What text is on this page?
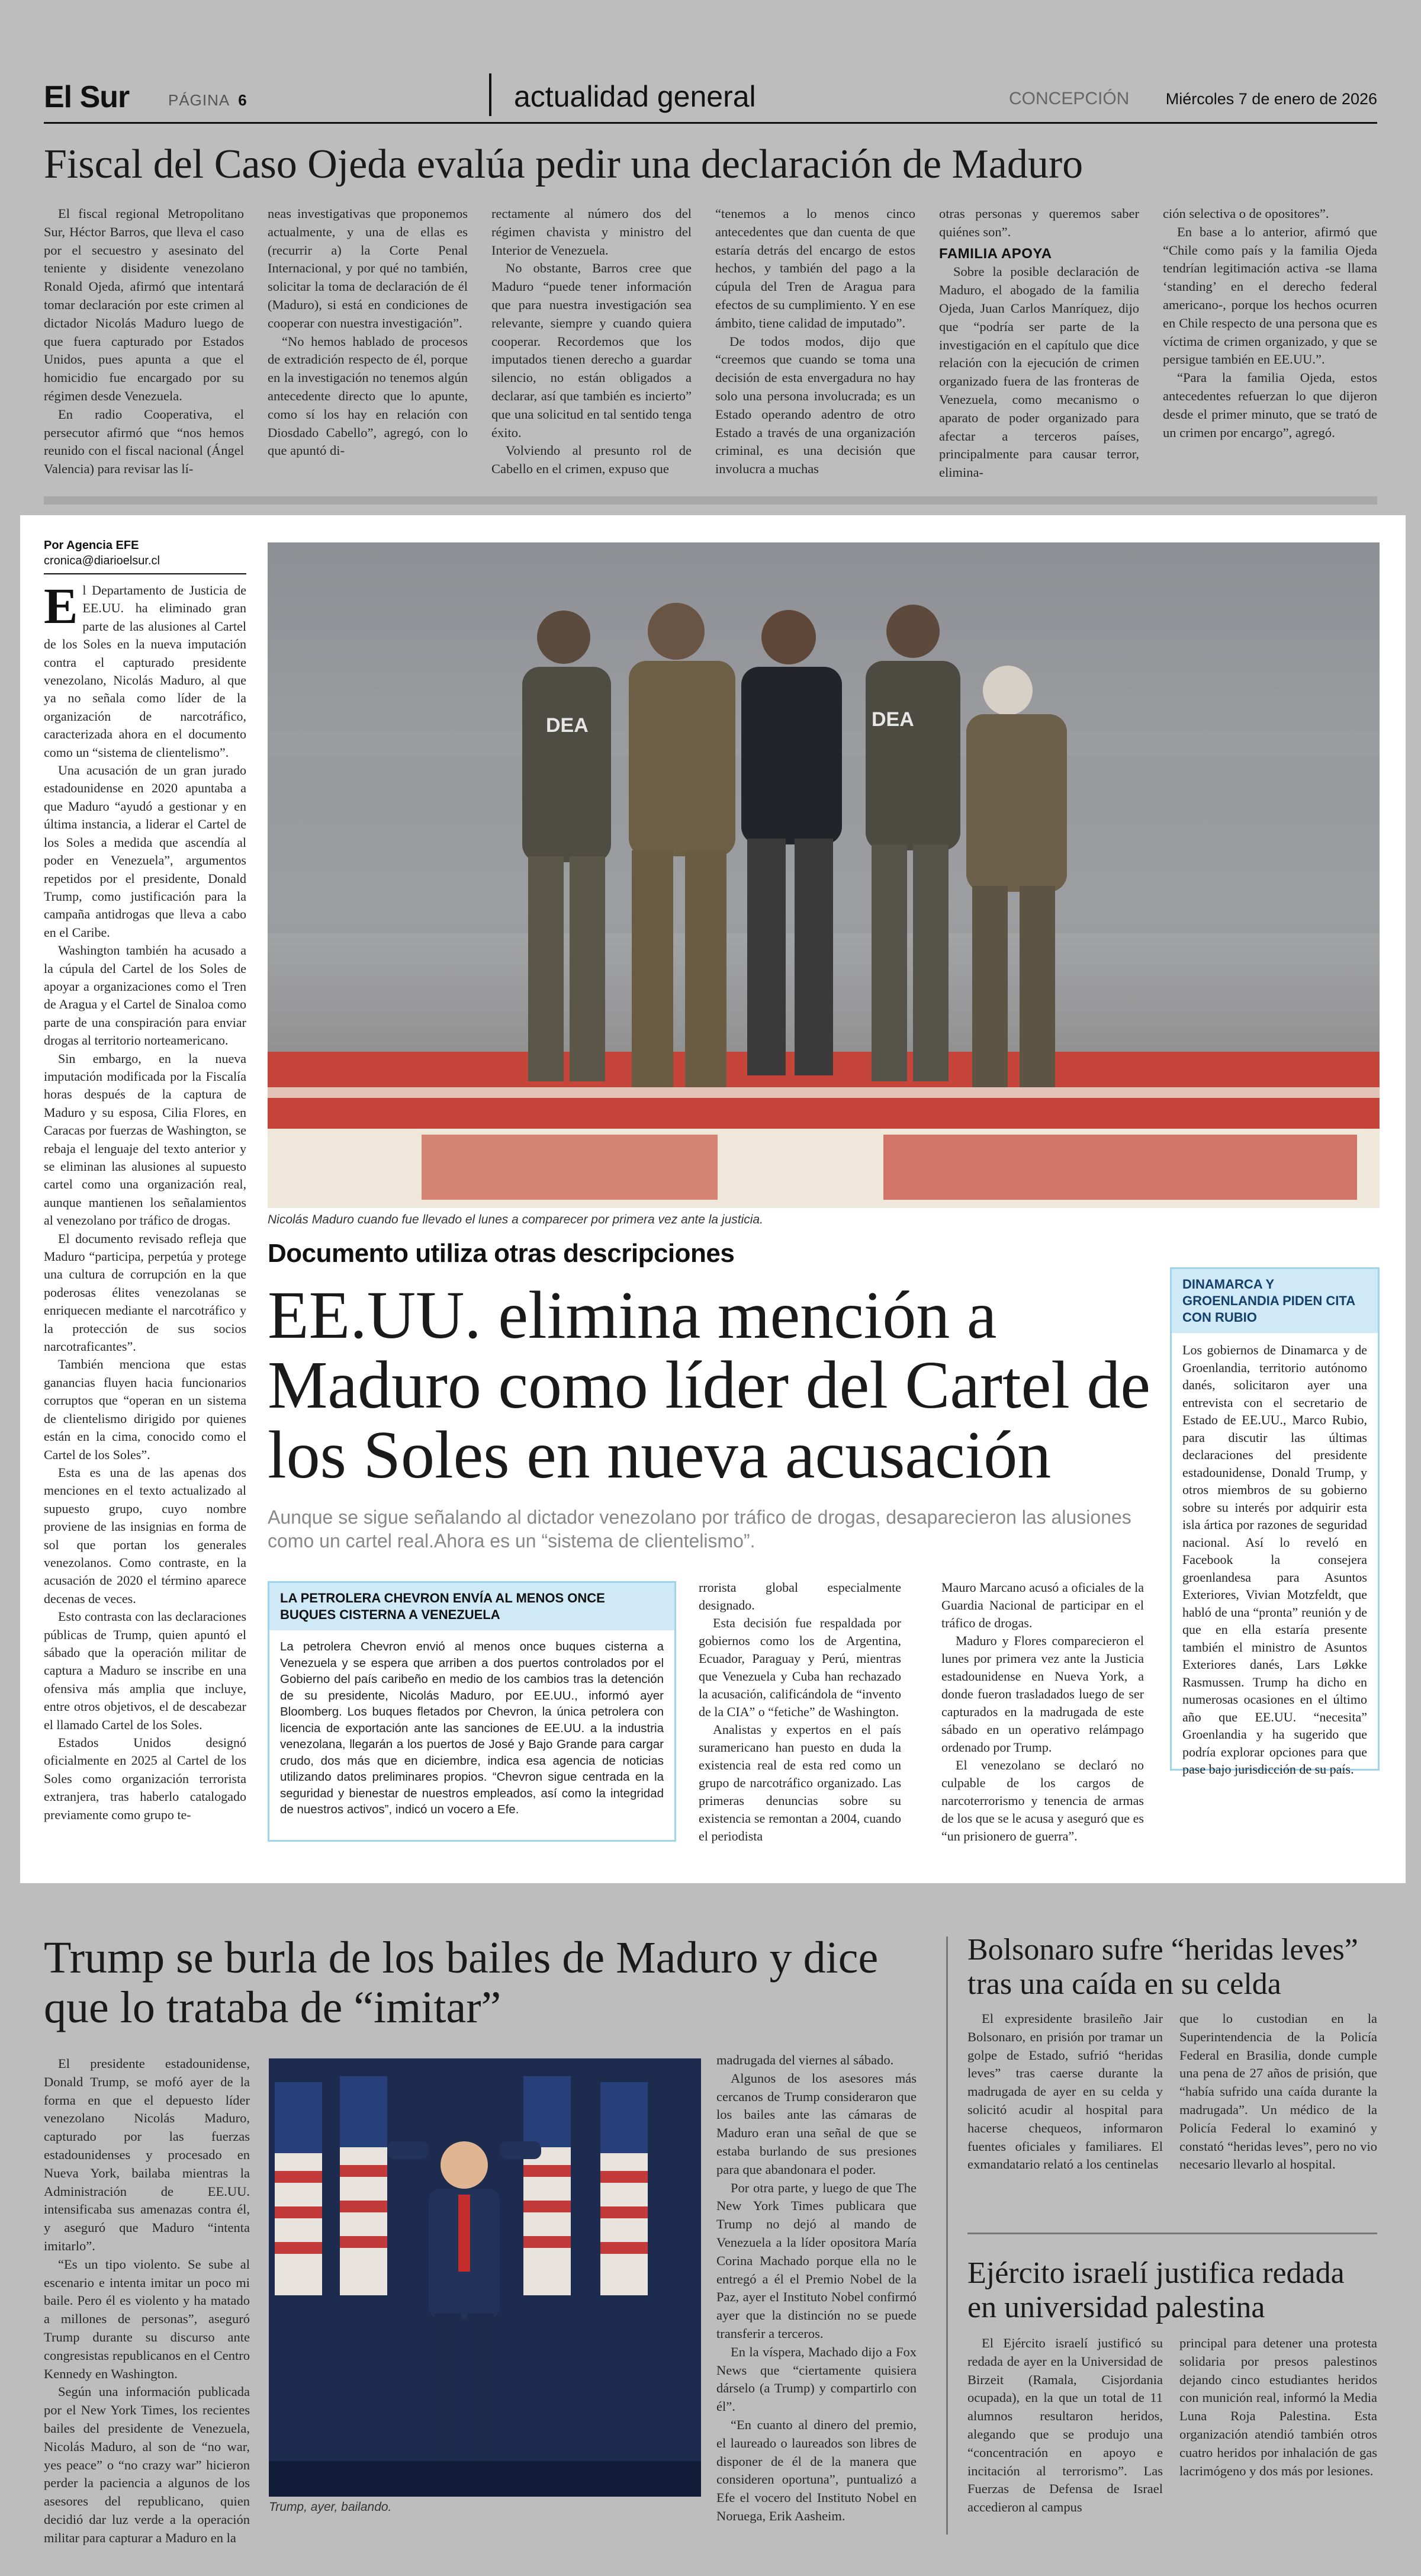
El Sur	PÁGINA 6	actualidad general	CONCEPCIÓN Miércoles 7 de enero de 2026
Fiscal del Caso Ojeda evalúa pedir una declaración de Maduro

El fiscal regional Metropolitano Sur, Héctor Barros, que lleva el caso por el secuestro y asesinato del teniente y disidente venezolano Ronald Ojeda, afirmó que intentará tomar declaración por este crimen al dictador Nicolás Maduro luego de que fuera capturado por Estados Unidos, pues apunta a que el homicidio fue encargado por su régimen desde Venezuela.

En radio Cooperativa, el persecutor afirmó que “nos hemos reunido con el fiscal nacional (Ángel Valencia) para revisar las lí-

neas investigativas que proponemos actualmente, y una de ellas es (recurrir a) la Corte Penal Internacional, y por qué no también, solicitar la toma de declaración de él (Maduro), si está en condiciones de cooperar con nuestra investigación”.

“No hemos hablado de procesos de extradición respecto de él, porque en la investigación no tenemos algún antecedente directo que lo apunte, como sí los hay en relación con Diosdado Cabello”, agregó, con lo que apuntó di-

rectamente al número dos del régimen chavista y ministro del Interior de Venezuela.

No obstante, Barros cree que Maduro “puede tener información que para nuestra investigación sea relevante, siempre y cuando quiera cooperar. Recordemos que los imputados tienen derecho a guardar silencio, no están obligados a declarar, así que también es incierto” que una solicitud en tal sentido tenga éxito.

Volviendo al presunto rol de Cabello en el crimen, expuso que

“tenemos a lo menos cinco antecedentes que dan cuenta de que estaría detrás del encargo de estos hechos, y también del pago a la cúpula del Tren de Aragua para efectos de su cumplimiento. Y en ese ámbito, tiene calidad de imputado”.

De todos modos, dijo que “creemos que cuando se toma una decisión de esta envergadura no hay solo una persona involucrada; es un Estado operando adentro de otro Estado a través de una organización criminal, es una decisión que involucra a muchas

otras personas y queremos saber quiénes son”.

FAMILIA APOYA

Sobre la posible declaración de Maduro, el abogado de la familia Ojeda, Juan Carlos Manríquez, dijo que “podría ser parte de la investigación en el capítulo que dice relación con la ejecución de crimen organizado fuera de las fronteras de Venezuela, como mecanismo o aparato de poder organizado para afectar a terceros países, principalmente para causar terror, elimina-

ción selectiva o de opositores”.

En base a lo anterior, afirmó que “Chile como país y la familia Ojeda tendrían legitimación activa -se llama ‘standing’ en el derecho federal americano-, porque los hechos ocurren en Chile respecto de una persona que es víctima de crimen organizado, y que se persigue también en EE.UU.”.

“Para la familia Ojeda, estos antecedentes refuerzan lo que dijeron desde el primer minuto, que se trató de un crimen por encargo”, agregó.

Por Agencia EFE
cronica@diarioelsur.cl

El Departamento de Justicia de EE.UU. ha eliminado gran parte de las alusiones al Cartel de los Soles en la nueva imputación contra el capturado presidente venezolano, Nicolás Maduro, al que ya no señala como líder de la organización de narcotráfico, caracterizada ahora en el documento como un “sistema de clientelismo”.

Una acusación de un gran jurado estadounidense en 2020 apuntaba a que Maduro “ayudó a gestionar y en última instancia, a liderar el Cartel de los Soles a medida que ascendía al poder en Venezuela”, argumentos repetidos por el presidente, Donald Trump, como justificación para la campaña antidrogas que lleva a cabo en el Caribe.

Washington también ha acusado a la cúpula del Cartel de los Soles de apoyar a organizaciones como el Tren de Aragua y el Cartel de Sinaloa como parte de una conspiración para enviar drogas al territorio norteamericano.

Sin embargo, en la nueva imputación modificada por la Fiscalía horas después de la captura de Maduro y su esposa, Cilia Flores, en Caracas por fuerzas de Washington, se rebaja el lenguaje del texto anterior y se eliminan las alusiones al supuesto cartel como una organización real, aunque mantienen los señalamientos al venezolano por tráfico de drogas.

El documento revisado refleja que Maduro “participa, perpetúa y protege una cultura de corrupción en la que poderosas élites venezolanas se enriquecen mediante el narcotráfico y la protección de sus socios narcotraficantes”.

También menciona que estas ganancias fluyen hacia funcionarios corruptos que “operan en un sistema de clientelismo dirigido por quienes están en la cima, conocido como el Cartel de los Soles”.

Esta es una de las apenas dos menciones en el texto actualizado al supuesto grupo, cuyo nombre proviene de las insignias en forma de sol que portan los generales venezolanos. Como contraste, en la acusación de 2020 el término aparece decenas de veces.

Esto contrasta con las declaraciones públicas de Trump, quien apuntó el sábado que la operación militar de captura a Maduro se inscribe en una ofensiva más amplia que incluye, entre otros objetivos, el de descabezar el llamado Cartel de los Soles.

Estados Unidos designó oficialmente en 2025 al Cartel de los Soles como organización terrorista extranjera, tras haberlo catalogado previamente como grupo te-

DEA	DEA
Nicolás Maduro cuando fue llevado el lunes a comparecer por primera vez ante la justicia.
Documento utiliza otras descripciones
EE.UU. elimina mención a Maduro como líder del Cartel de los Soles en nueva acusación
Aunque se sigue señalando al dictador venezolano por tráfico de drogas, desaparecieron las alusiones como un cartel real.Ahora es un “sistema de clientelismo”.
LA PETROLERA CHEVRON ENVÍA AL MENOS ONCE BUQUES CISTERNA A VENEZUELA
La petrolera Chevron envió al menos once buques cisterna a Venezuela y se espera que arriben a dos puertos controlados por el Gobierno del país caribeño en medio de los cambios tras la detención de su presidente, Nicolás Maduro, por EE.UU., informó ayer Bloomberg. Los buques fletados por Chevron, la única petrolera con licencia de exportación ante las sanciones de EE.UU. a la industria venezolana, llegarán a los puertos de José y Bajo Grande para cargar crudo, dos más que en diciembre, indica esa agencia de noticias utilizando datos preliminares propios. “Chevron sigue centrada en la seguridad y bienestar de nuestros empleados, así como la integridad de nuestros activos”, indicó un vocero a Efe.

rrorista global especialmente designado.

Esta decisión fue respaldada por gobiernos como los de Argentina, Ecuador, Paraguay y Perú, mientras que Venezuela y Cuba han rechazado la acusación, calificándola de “invento de la CIA” o “fetiche” de Washington.

Analistas y expertos en el país suramericano han puesto en duda la existencia real de esta red como un grupo de narcotráfico organizado. Las primeras denuncias sobre su existencia se remontan a 2004, cuando el periodista

Mauro Marcano acusó a oficiales de la Guardia Nacional de participar en el tráfico de drogas.

Maduro y Flores comparecieron el lunes por primera vez ante la Justicia estadounidense en Nueva York, a donde fueron trasladados luego de ser capturados en la madrugada de este sábado en un operativo relámpago ordenado por Trump.

El venezolano se declaró no culpable de los cargos de narcoterrorismo y tenencia de armas de los que se le acusa y aseguró que es “un prisionero de guerra”.

DINAMARCA Y GROENLANDIA PIDEN CITA CON RUBIO
Los gobiernos de Dinamarca y de Groenlandia, territorio autónomo danés, solicitaron ayer una entrevista con el secretario de Estado de EE.UU., Marco Rubio, para discutir las últimas declaraciones del presidente estadounidense, Donald Trump, y otros miembros de su gobierno sobre su interés por adquirir esta isla ártica por razones de seguridad nacional. Así lo reveló en Facebook la consejera groenlandesa para Asuntos Exteriores, Vivian Motzfeldt, que habló de una “pronta” reunión y de que en ella estaría presente también el ministro de Asuntos Exteriores danés, Lars Løkke Rasmussen. Trump ha dicho en numerosas ocasiones en el último año que EE.UU. “necesita” Groenlandia y ha sugerido que podría explorar opciones para que pase bajo jurisdicción de su país.
Trump se burla de los bailes de Maduro y dice que lo trataba de “imitar”

El presidente estadounidense, Donald Trump, se mofó ayer de la forma en que el depuesto líder venezolano Nicolás Maduro, capturado por las fuerzas estadounidenses y procesado en Nueva York, bailaba mientras la Administración de EE.UU. intensificaba sus amenazas contra él, y aseguró que Maduro “intenta imitarlo”.

“Es un tipo violento. Se sube al escenario e intenta imitar un poco mi baile. Pero él es violento y ha matado a millones de personas”, aseguró Trump durante su discurso ante congresistas republicanos en el Centro Kennedy en Washington.

Según una información publicada por el New York Times, los recientes bailes del presidente de Venezuela, Nicolás Maduro, al son de “no war, yes peace” o “no crazy war” hicieron perder la paciencia a algunos de los asesores del republicano, quien decidió dar luz verde a la operación militar para capturar a Maduro en la

Trump, ayer, bailando.

madrugada del viernes al sábado.

Algunos de los asesores más cercanos de Trump consideraron que los bailes ante las cámaras de Maduro eran una señal de que se estaba burlando de sus presiones para que abandonara el poder.

Por otra parte, y luego de que The New York Times publicara que Trump no dejó al mando de Venezuela a la líder opositora María Corina Machado porque ella no le entregó a él el Premio Nobel de la Paz, ayer el Instituto Nobel confirmó ayer que la distinción no se puede transferir a terceros.

En la víspera, Machado dijo a Fox News que “ciertamente quisiera dárselo (a Trump) y compartirlo con él”.

“En cuanto al dinero del premio, el laureado o laureados son libres de disponer de él de la manera que consideren oportuna”, puntualizó a Efe el vocero del Instituto Nobel en Noruega, Erik Aasheim.

Bolsonaro sufre “heridas leves” tras una caída en su celda

El expresidente brasileño Jair Bolsonaro, en prisión por tramar un golpe de Estado, sufrió “heridas leves” tras caerse durante la madrugada de ayer en su celda y solicitó acudir al hospital para hacerse chequeos, informaron fuentes oficiales y familiares. El exmandatario relató a los centinelas

que lo custodian en la Superintendencia de la Policía Federal en Brasilia, donde cumple una pena de 27 años de prisión, que “había sufrido una caída durante la madrugada”. Un médico de la Policía Federal lo examinó y constató “heridas leves”, pero no vio necesario llevarlo al hospital.

Ejército israelí justifica redada en universidad palestina

El Ejército israelí justificó su redada de ayer en la Universidad de Birzeit (Ramala, Cisjordania ocupada), en la que un total de 11 alumnos resultaron heridos, alegando que se produjo una “concentración en apoyo e incitación al terrorismo”. Las Fuerzas de Defensa de Israel accedieron al campus

principal para detener una protesta solidaria por presos palestinos dejando cinco estudiantes heridos con munición real, informó la Media Luna Roja Palestina. Esta organización atendió también otros cuatro heridos por inhalación de gas lacrimógeno y dos más por lesiones.
